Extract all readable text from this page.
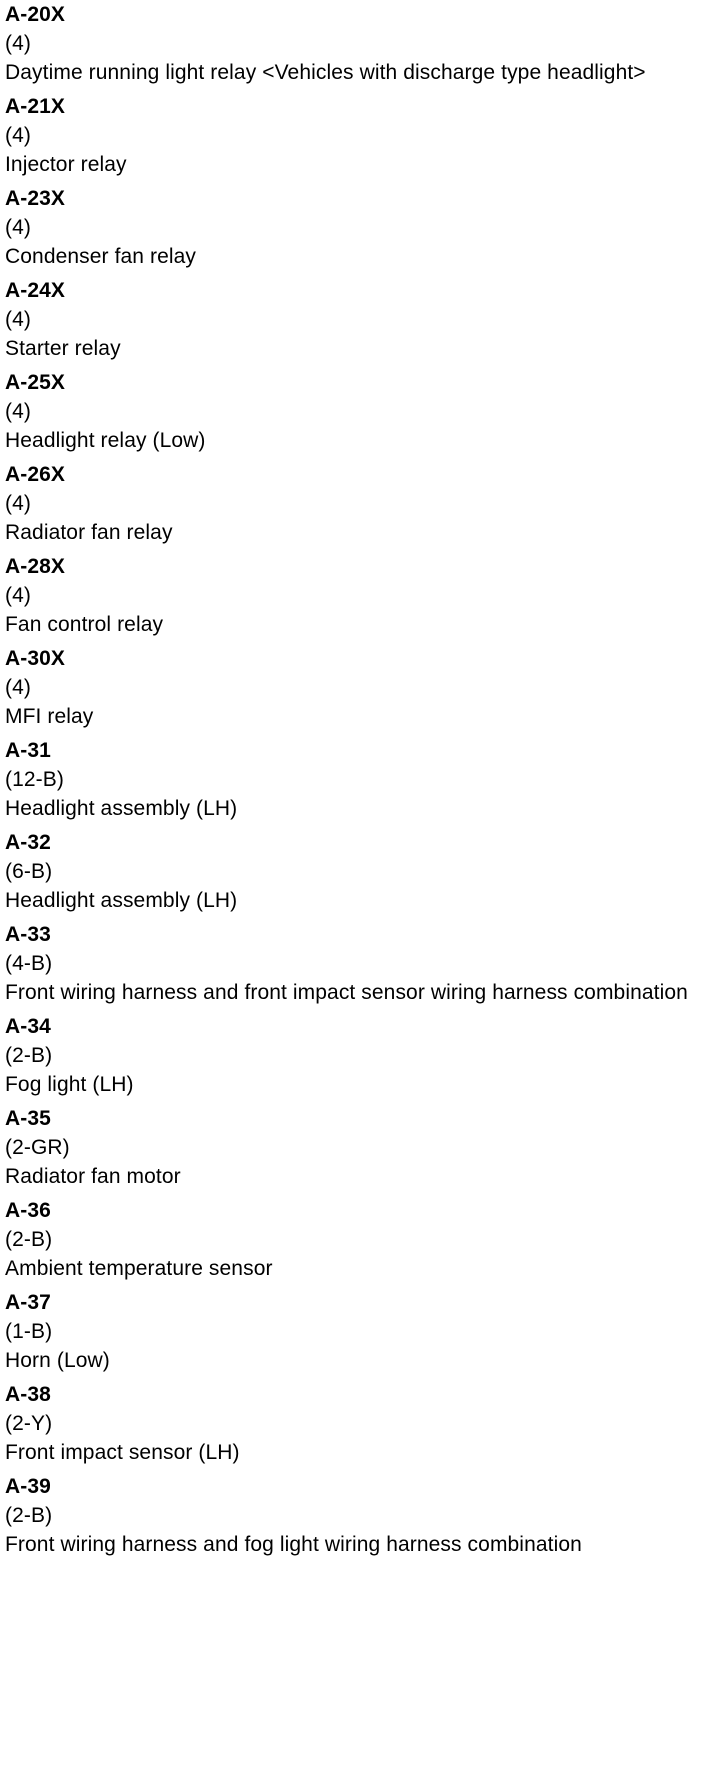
A-20X
(4)
Daytime running light relay <Vehicles with discharge type headlight>
A-21X
(4)
Injector relay
A-23X
(4)
Condenser fan relay
A-24X
(4)
Starter relay
A-25X
(4)
Headlight relay (Low)
A-26X
(4)
Radiator fan relay
A-28X
(4)
Fan control relay
A-30X
(4)
MFI relay
A-31
(12-B)
Headlight assembly (LH)
A-32
(6-B)
Headlight assembly (LH)
A-33
(4-B)
Front wiring harness and front impact sensor wiring harness combination
A-34
(2-B)
Fog light (LH)
A-35
(2-GR)
Radiator fan motor
A-36
(2-B)
Ambient temperature sensor
A-37
(1-B)
Horn (Low)
A-38
(2-Y)
Front impact sensor (LH)
A-39
(2-B)
Front wiring harness and fog light wiring harness combination
